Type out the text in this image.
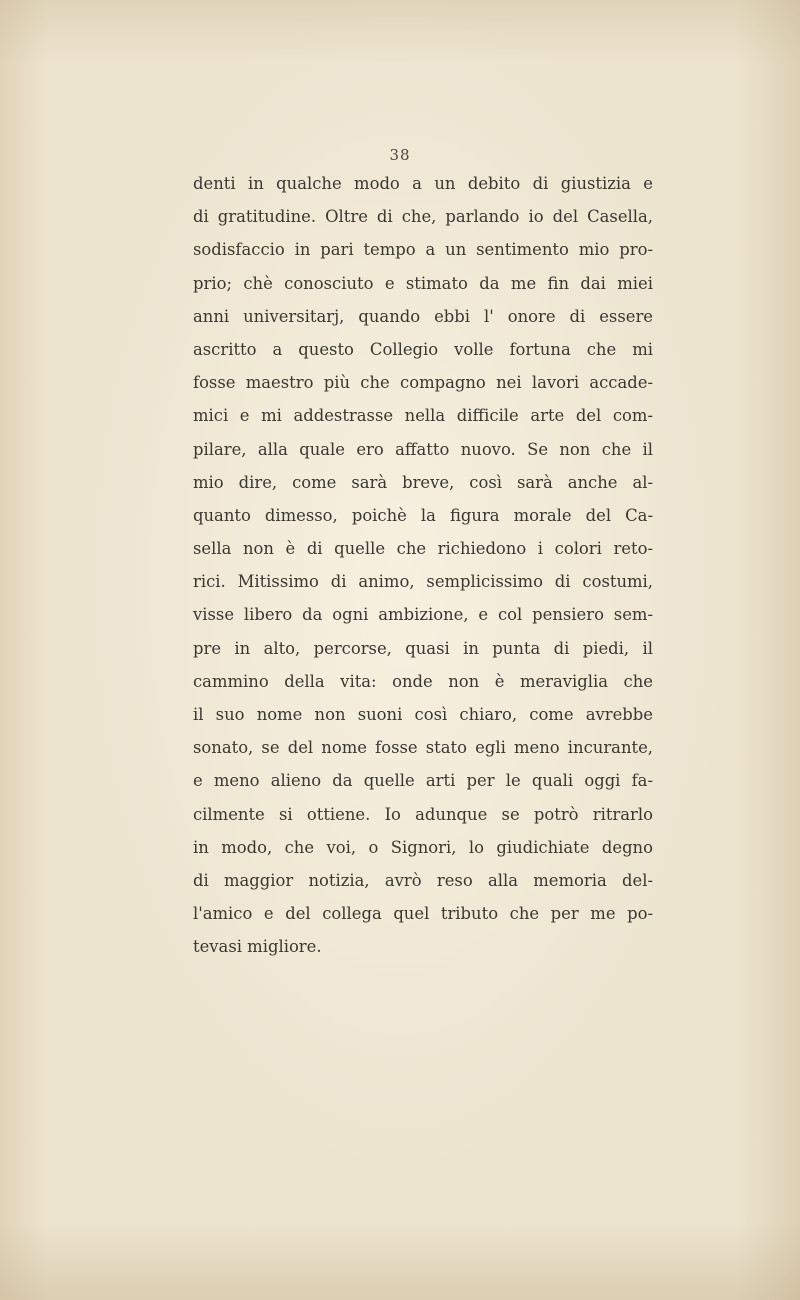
38
denti in qualche modo a un debito di giustizia e
di gratitudine. Oltre di che, parlando io del Casella,
sodisfaccio in pari tempo a un sentimento mio pro-
prio; chè conosciuto e stimato da me fin dai miei
anni universitarj, quando ebbi l' onore di essere
ascritto a questo Collegio volle fortuna che mi
fosse maestro più che compagno nei lavori accade-
mici e mi addestrasse nella difficile arte del com-
pilare, alla quale ero affatto nuovo. Se non che il
mio dire, come sarà breve, così sarà anche al-
quanto dimesso, poichè la figura morale del Ca-
sella non è di quelle che richiedono i colori reto-
rici. Mitissimo di animo, semplicissimo di costumi,
visse libero da ogni ambizione, e col pensiero sem-
pre in alto, percorse, quasi in punta di piedi, il
cammino della vita: onde non è meraviglia che
il suo nome non suoni così chiaro, come avrebbe
sonato, se del nome fosse stato egli meno incurante,
e meno alieno da quelle arti per le quali oggi fa-
cilmente si ottiene. Io adunque se potrò ritrarlo
in modo, che voi, o Signori, lo giudichiate degno
di maggior notizia, avrò reso alla memoria del-
l'amico e del collega quel tributo che per me po-
tevasi migliore.
